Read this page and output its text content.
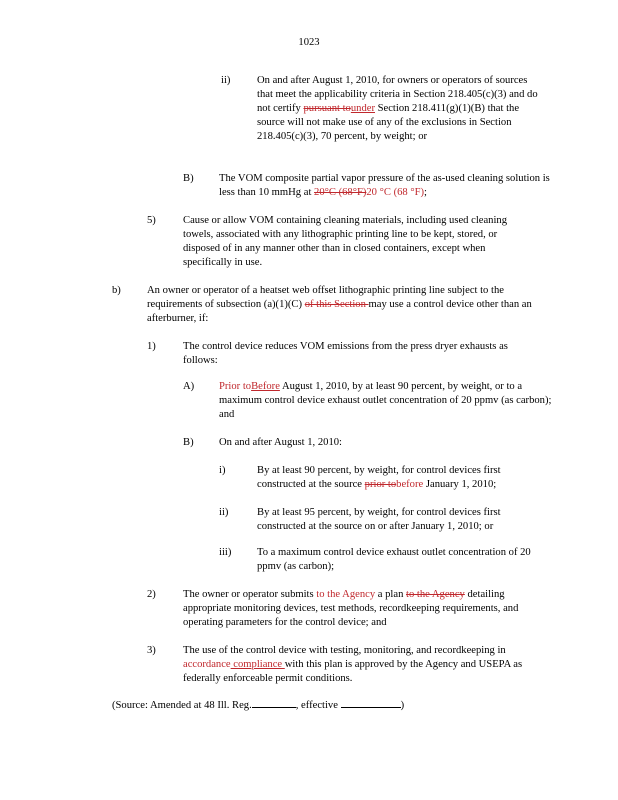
1023
ii)	On and after August 1, 2010, for owners or operators of sources that meet the applicability criteria in Section 218.405(c)(3) and do not certify pursuant tounder Section 218.411(g)(1)(B) that the source will not make use of any of the exclusions in Section 218.405(c)(3), 70 percent, by weight; or
B) The VOM composite partial vapor pressure of the as-used cleaning solution is less than 10 mmHg at 20°C (68°F)20 °C (68 °F);
5)	Cause or allow VOM containing cleaning materials, including used cleaning towels, associated with any lithographic printing line to be kept, stored, or disposed of in any manner other than in closed containers, except when specifically in use.
b) An owner or operator of a heatset web offset lithographic printing line subject to the requirements of subsection (a)(1)(C) of this Section may use a control device other than an afterburner, if:
1)	The control device reduces VOM emissions from the press dryer exhausts as follows:
A) Prior toBefore August 1, 2010, by at least 90 percent, by weight, or to a maximum control device exhaust outlet concentration of 20 ppmv (as carbon); and
B) On and after August 1, 2010:
i)	By at least 90 percent, by weight, for control devices first constructed at the source prior tobefore January 1, 2010;
ii)	By at least 95 percent, by weight, for control devices first constructed at the source on or after January 1, 2010; or
iii) To a maximum control device exhaust outlet concentration of 20 ppmv (as carbon);
2)	The owner or operator submits to the Agency a plan to the Agency detailing appropriate monitoring devices, test methods, recordkeeping requirements, and operating parameters for the control device; and
3)	The use of the control device with testing, monitoring, and recordkeeping in accordance compliance with this plan is approved by the Agency and USEPA as federally enforceable permit conditions.
(Source: Amended at 48 Ill. Reg.	, effective	)
